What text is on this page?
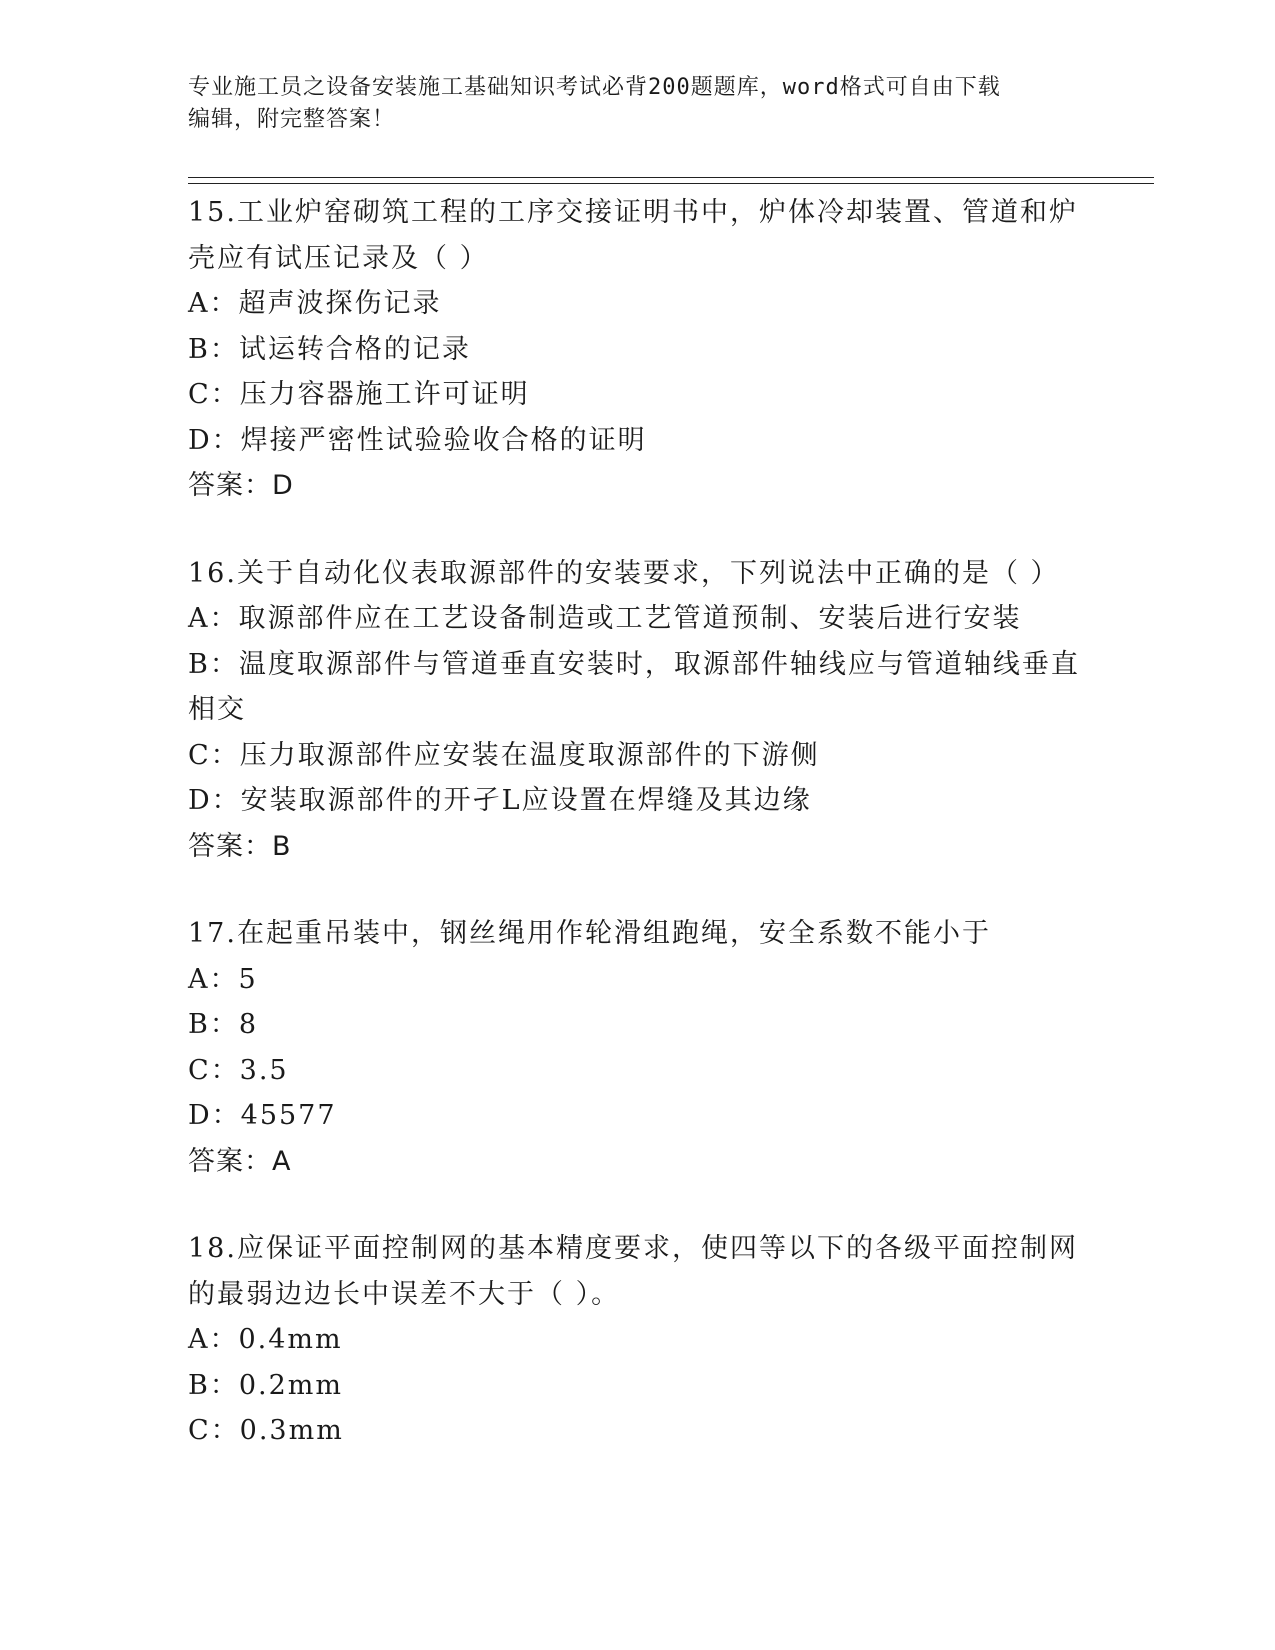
专业施工员之设备安装施工基础知识考试必背200题题库，word格式可自由下载
编辑，附完整答案！
15.工业炉窑砌筑工程的工序交接证明书中，炉体冷却装置、管道和炉
壳应有试压记录及（ ）
A：超声波探伤记录
B：试运转合格的记录
C：压力容器施工许可证明
D：焊接严密性试验验收合格的证明
答案：D
16.关于自动化仪表取源部件的安装要求，下列说法中正确的是（ ）
A：取源部件应在工艺设备制造或工艺管道预制、安装后进行安装
B：温度取源部件与管道垂直安装时，取源部件轴线应与管道轴线垂直
相交
C：压力取源部件应安装在温度取源部件的下游侧
D：安装取源部件的开孑L应设置在焊缝及其边缘
答案：B
17.在起重吊装中，钢丝绳用作轮滑组跑绳，安全系数不能小于
A：5
B：8
C：3.5
D：45577
答案：A
18.应保证平面控制网的基本精度要求，使四等以下的各级平面控制网
的最弱边边长中误差不大于（ ）。
A：0.4mm
B：0.2mm
C：0.3mm
